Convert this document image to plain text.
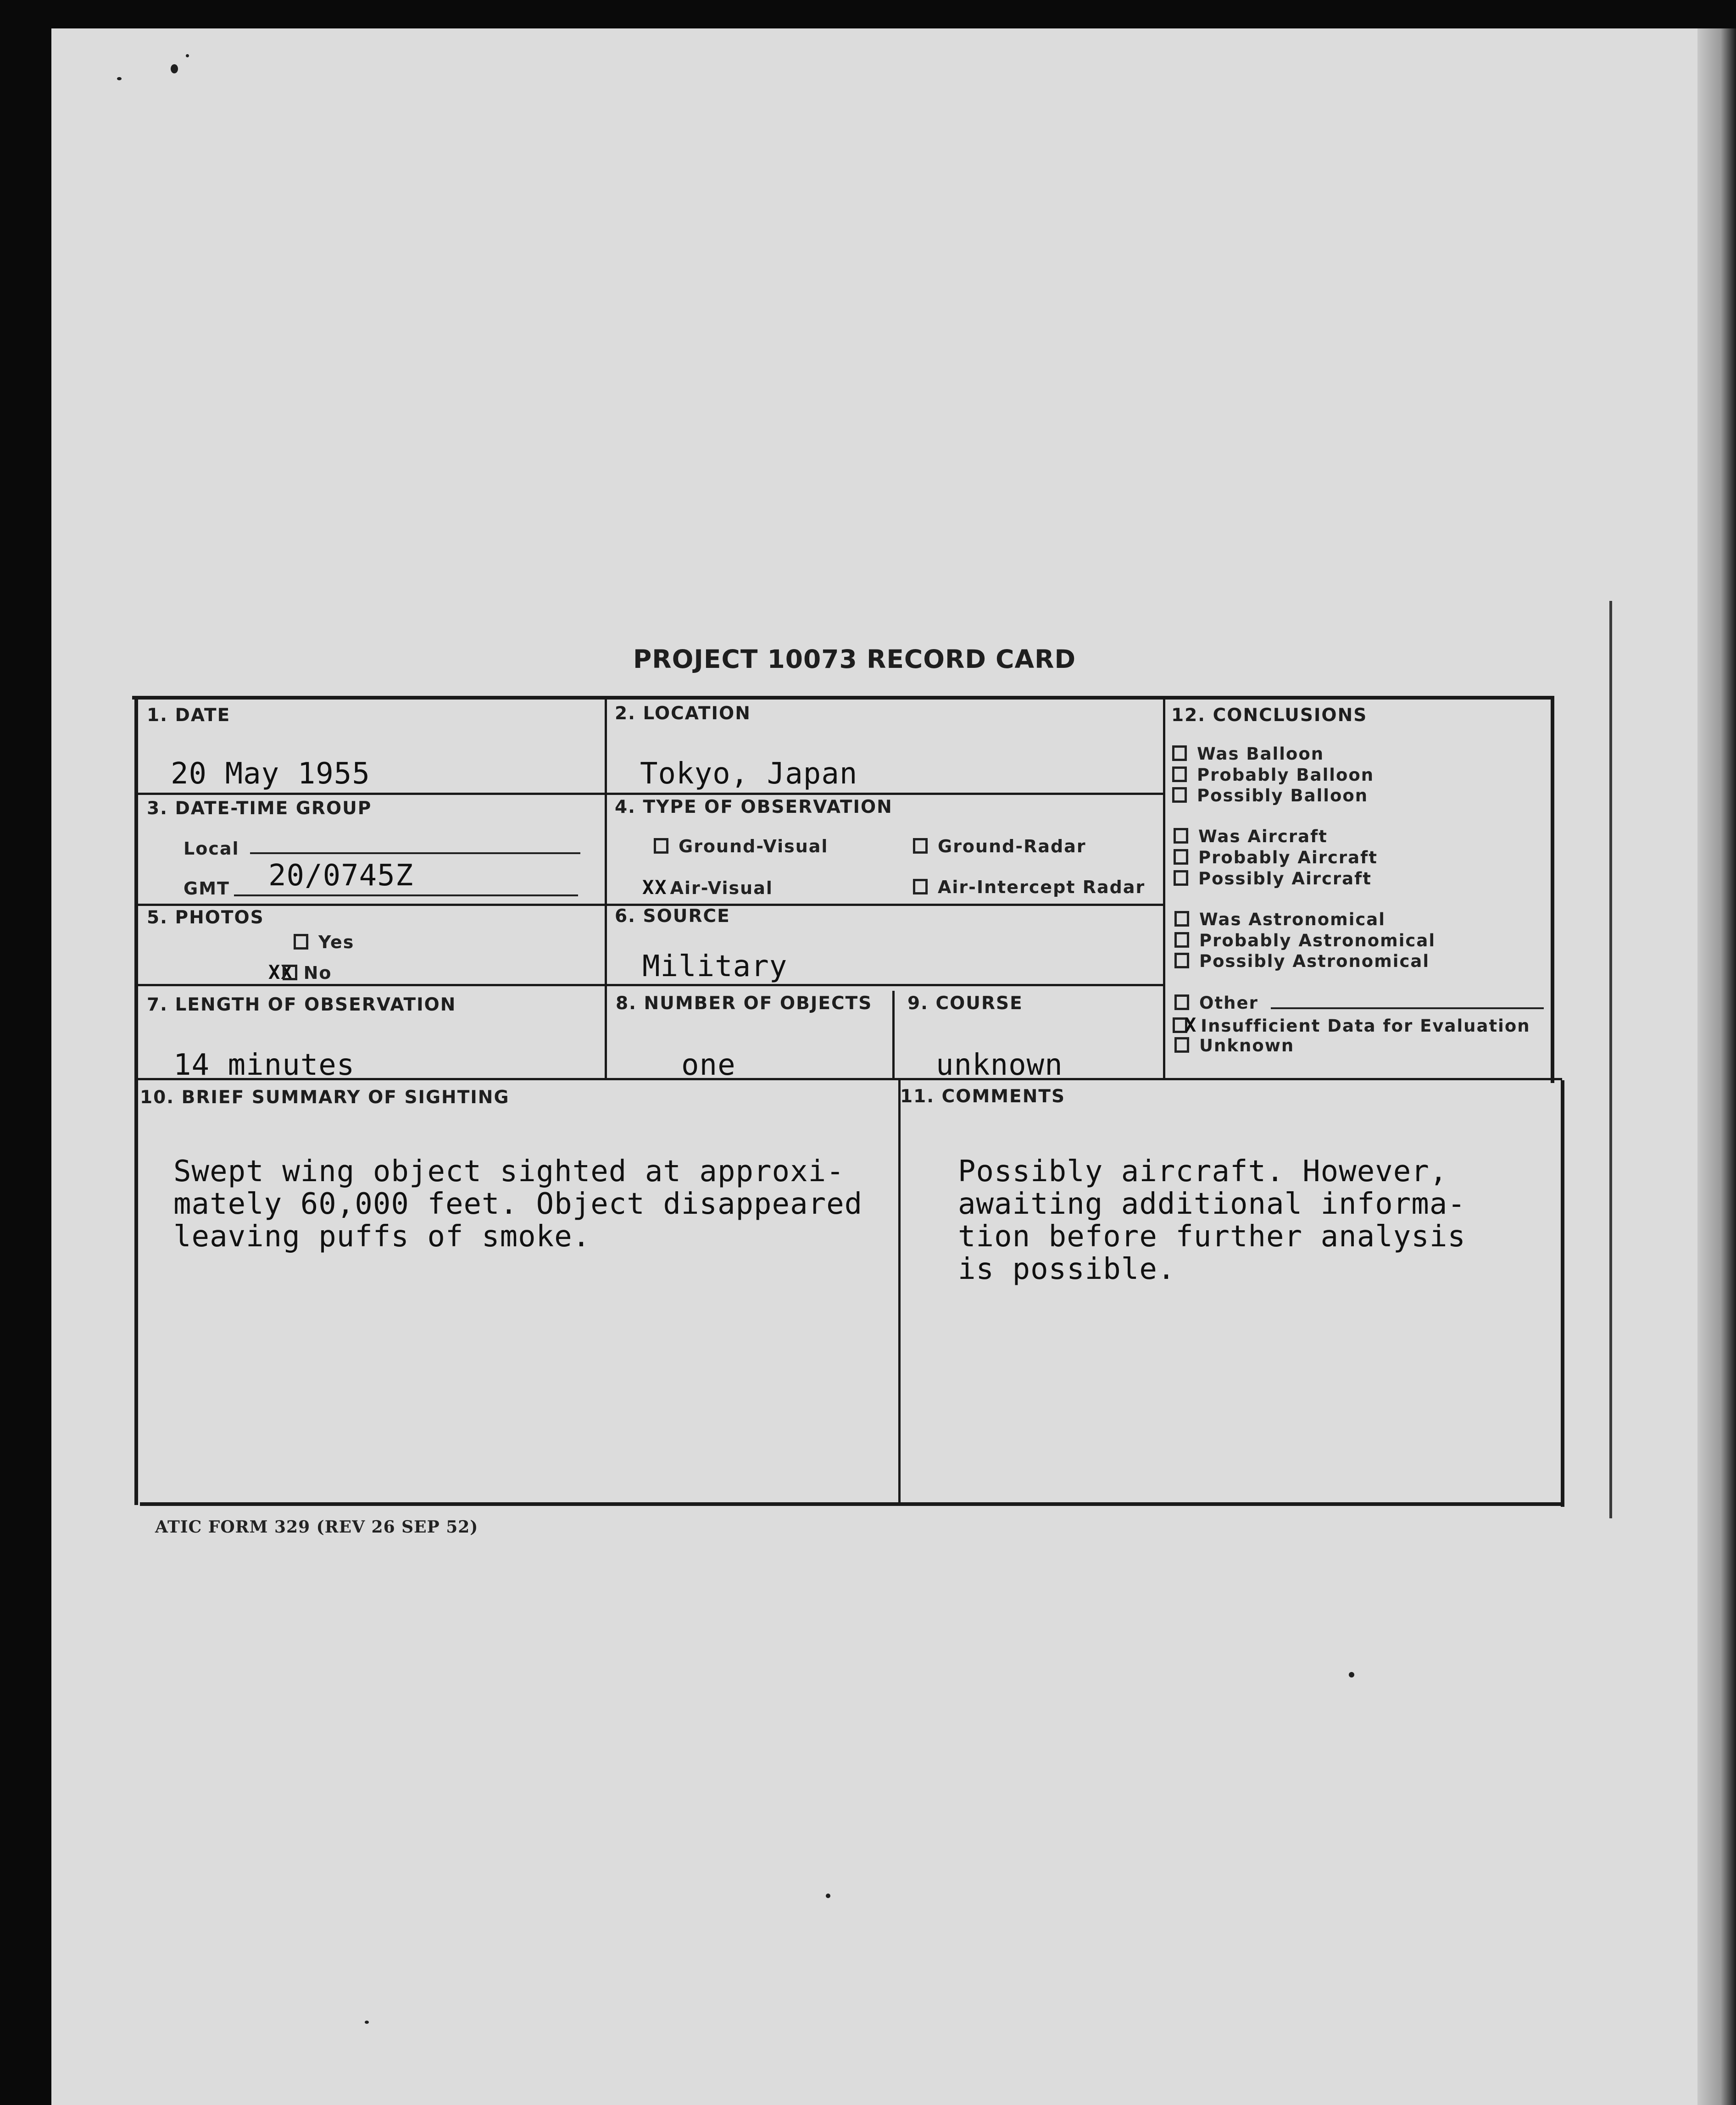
PROJECT 10073 RECORD CARD
1. DATE
20 May 1955
2. LOCATION
Tokyo, Japan
3. DATE-TIME GROUP
Local
GMT 20/0745Z
4. TYPE OF OBSERVATION
Ground-Visual	Ground-Radar
XX Air-Visual	Air-Intercept Radar
5. PHOTOS
Yes
XX No
6. SOURCE
Military
7. LENGTH OF OBSERVATION
14 minutes
8. NUMBER OF OBJECTS
one
9. COURSE
unknown
10. BRIEF SUMMARY OF SIGHTING

Swept wing object sighted at approxi-
mately 60,000 feet. Object disappeared
leaving puffs of smoke.

11. COMMENTS

Possibly aircraft. However,
awaiting additional informa-
tion before further analysis
is possible.

12. CONCLUSIONS
Was Balloon
Probably Balloon
Possibly Balloon
Was Aircraft
Probably Aircraft
Possibly Aircraft
Was Astronomical
Probably Astronomical
Possibly Astronomical
Other
X Insufficient Data for Evaluation
Unknown
ATIC FORM 329 (REV 26 SEP 52)
